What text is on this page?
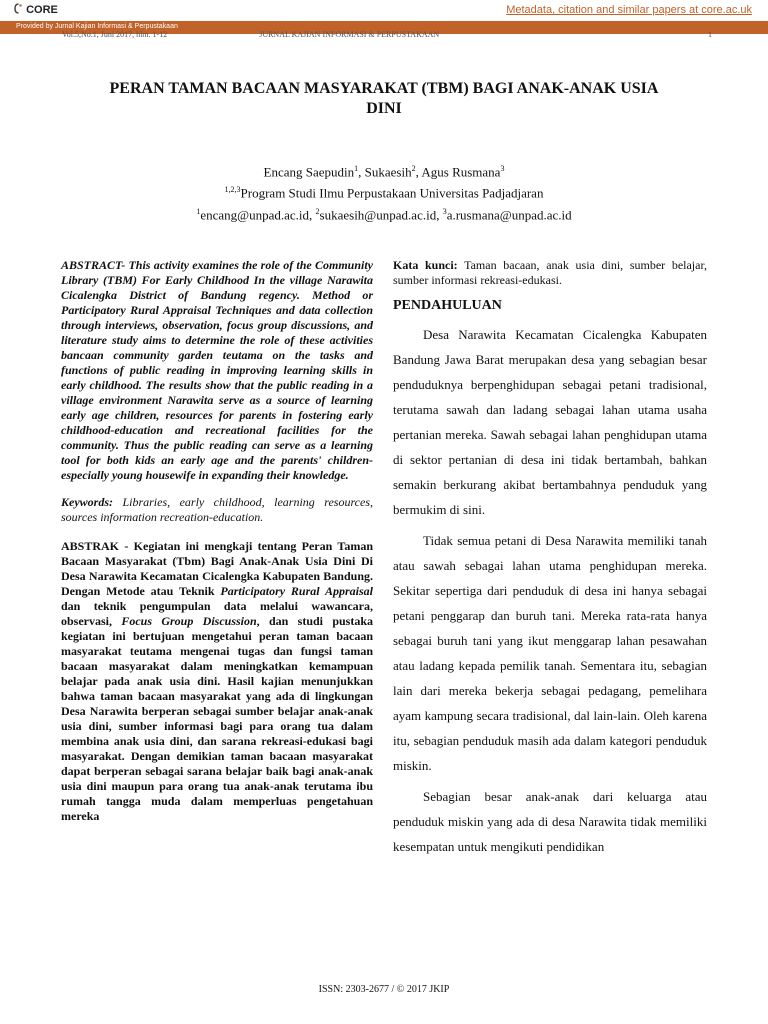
CORE	Metadata, citation and similar papers at core.ac.uk
Provided by Jurnal Kajian Informasi & Perpustakaan
Vol.5,No.1, Juni 2017, hlm. 1-12	JURNAL KAJIAN INFORMASI & PERPUSTAKAAN	1
PERAN TAMAN BACAAN MASYARAKAT (TBM) BAGI ANAK-ANAK USIA DINI
Encang Saepudin$^1$, Sukaesih$^2$, Agus Rusmana$^3$
$^{1,2,3}$Program Studi Ilmu Perpustakaan Universitas Padjadjaran
$^1$encang@unpad.ac.id, $^2$sukaesih@unpad.ac.id, $^3$a.rusmana@unpad.ac.id
ABSTRACT- This activity examines the role of the Community Library (TBM) For Early Childhood In the village Narawita Cicalengka District of Bandung regency. Method or Participatory Rural Appraisal Techniques and data collection through interviews, observation, focus group discussions, and literature study aims to determine the role of these activities bancaan community garden teutama on the tasks and functions of public reading in improving learning skills in early childhood. The results show that the public reading in a village environment Narawita serve as a source of learning early age children, resources for parents in fostering early childhood-education and recreational facilities for the community. Thus the public reading can serve as a learning tool for both kids an early age and the parents' children-especially young housewife in expanding their knowledge.
Keywords: Libraries, early childhood, learning resources, sources information recreation-education.
ABSTRAK - Kegiatan ini mengkaji tentang Peran Taman Bacaan Masyarakat (Tbm) Bagi Anak-Anak Usia Dini Di Desa Narawita Kecamatan Cicalengka Kabupaten Bandung. Dengan Metode atau Teknik Participatory Rural Appraisal dan teknik pengumpulan data melalui wawancara, observasi, Focus Group Discussion, dan studi pustaka kegiatan ini bertujuan mengetahui peran taman bacaan masyarakat teutama mengenai tugas dan fungsi taman bacaan masyarakat dalam meningkatkan kemampuan belajar pada anak usia dini. Hasil kajian menunjukkan bahwa taman bacaan masyarakat yang ada di lingkungan Desa Narawita berperan sebagai sumber belajar anak-anak usia dini, sumber informasi bagi para orang tua dalam membina anak usia dini, dan sarana rekreasi-edukasi bagi masyarakat. Dengan demikian taman bacaan masyarakat dapat berperan sebagai sarana belajar baik bagi anak-anak usia dini maupun para orang tua anak-anak terutama ibu rumah tangga muda dalam memperluas pengetahuan mereka
Kata kunci: Taman bacaan, anak usia dini, sumber belajar, sumber informasi rekreasi-edukasi.
PENDAHULUAN
Desa Narawita Kecamatan Cicalengka Kabupaten Bandung Jawa Barat merupakan desa yang sebagian besar penduduknya berpenghidupan sebagai petani tradisional, terutama sawah dan ladang sebagai lahan utama usaha pertanian mereka. Sawah sebagai lahan penghidupan utama di sektor pertanian di desa ini tidak bertambah, bahkan semakin berkurang akibat bertambahnya penduduk yang bermukim di sini.
Tidak semua petani di Desa Narawita memiliki tanah atau sawah sebagai lahan utama penghidupan mereka. Sekitar sepertiga dari penduduk di desa ini hanya sebagai petani penggarap dan buruh tani. Mereka rata-rata hanya sebagai buruh tani yang ikut menggarap lahan pesawahan atau ladang kepada pemilik tanah. Sementara itu, sebagian lain dari mereka bekerja sebagai pedagang, pemelihara ayam kampung secara tradisional, dal lain-lain. Oleh karena itu, sebagian penduduk masih ada dalam kategori penduduk miskin.
Sebagian besar anak-anak dari keluarga atau penduduk miskin yang ada di desa Narawita tidak memiliki kesempatan untuk mengikuti pendidikan
ISSN: 2303-2677 / © 2017 JKIP
